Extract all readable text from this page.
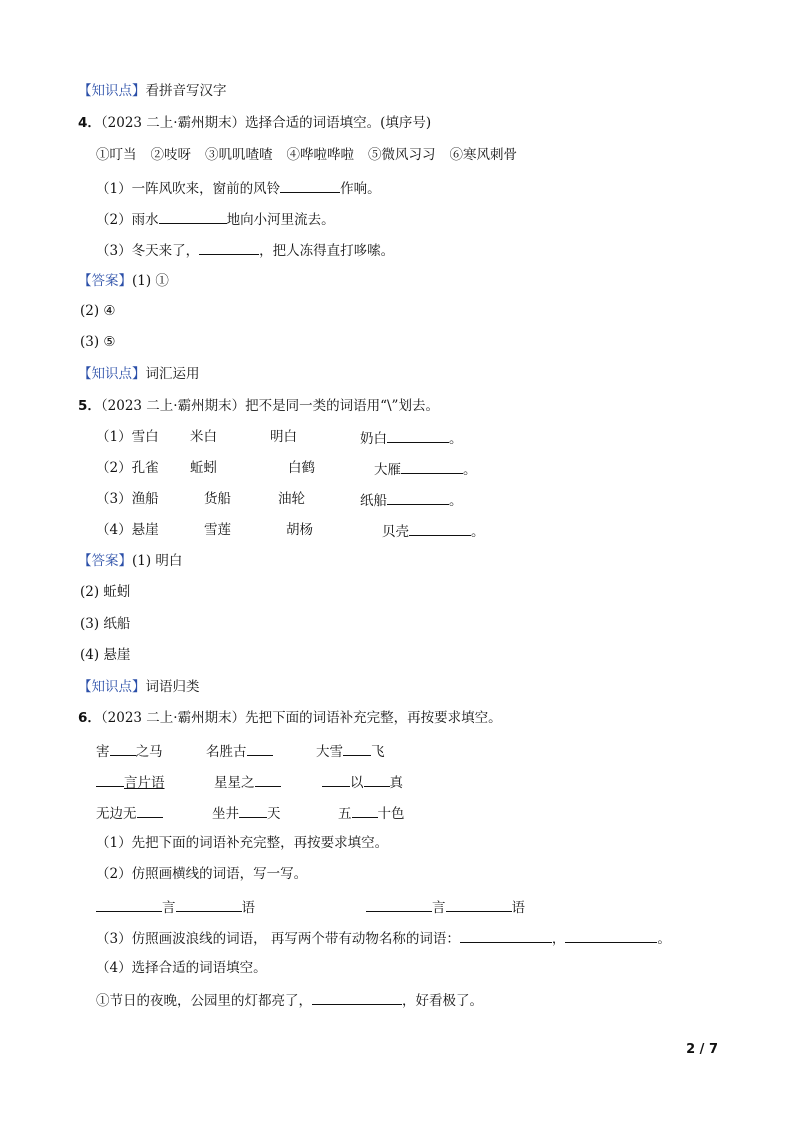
【知识点】看拼音写汉字
4．（2023 二上·霸州期末）选择合适的词语填空。(填序号)
①叮当 ②吱呀 ③叽叽喳喳 ④哗啦哗啦 ⑤微风习习 ⑥寒风刺骨
（1）一阵风吹来，窗前的风铃	作响。
（2）雨水	地向小河里流去。
（3）冬天来了，	，把人冻得直打哆嗦。
【答案】(1) ①
(2) ④
(3) ⑤
【知识点】词汇运用
5．（2023 二上·霸州期末）把不是同一类的词语用“\”划去。
（1）雪白 米白	明白	奶白	。
（2）孔雀 蚯蚓	白鹤	大雁	。
（3）渔船	货船	油轮	纸船	。
（4）悬崖	雪莲	胡杨	贝壳	。
【答案】(1) 明白
(2) 蚯蚓
(3) 纸船
(4) 悬崖
【知识点】词语归类
6．（2023 二上·霸州期末）先把下面的词语补充完整，再按要求填空。
害 之马	名胜古	大雪 飞
言片语	星星之	以 真
无边无	坐井 天	五 十色
（1）先把下面的词语补充完整，再按要求填空。
（2）仿照画横线的词语，写一写。
言	语	言	语
（3）仿照画波浪线的词语， 再写两个带有动物名称的词语：	，	。
（4）选择合适的词语填空。
①节日的夜晚，公园里的灯都亮了，	，好看极了。
2 / 7
